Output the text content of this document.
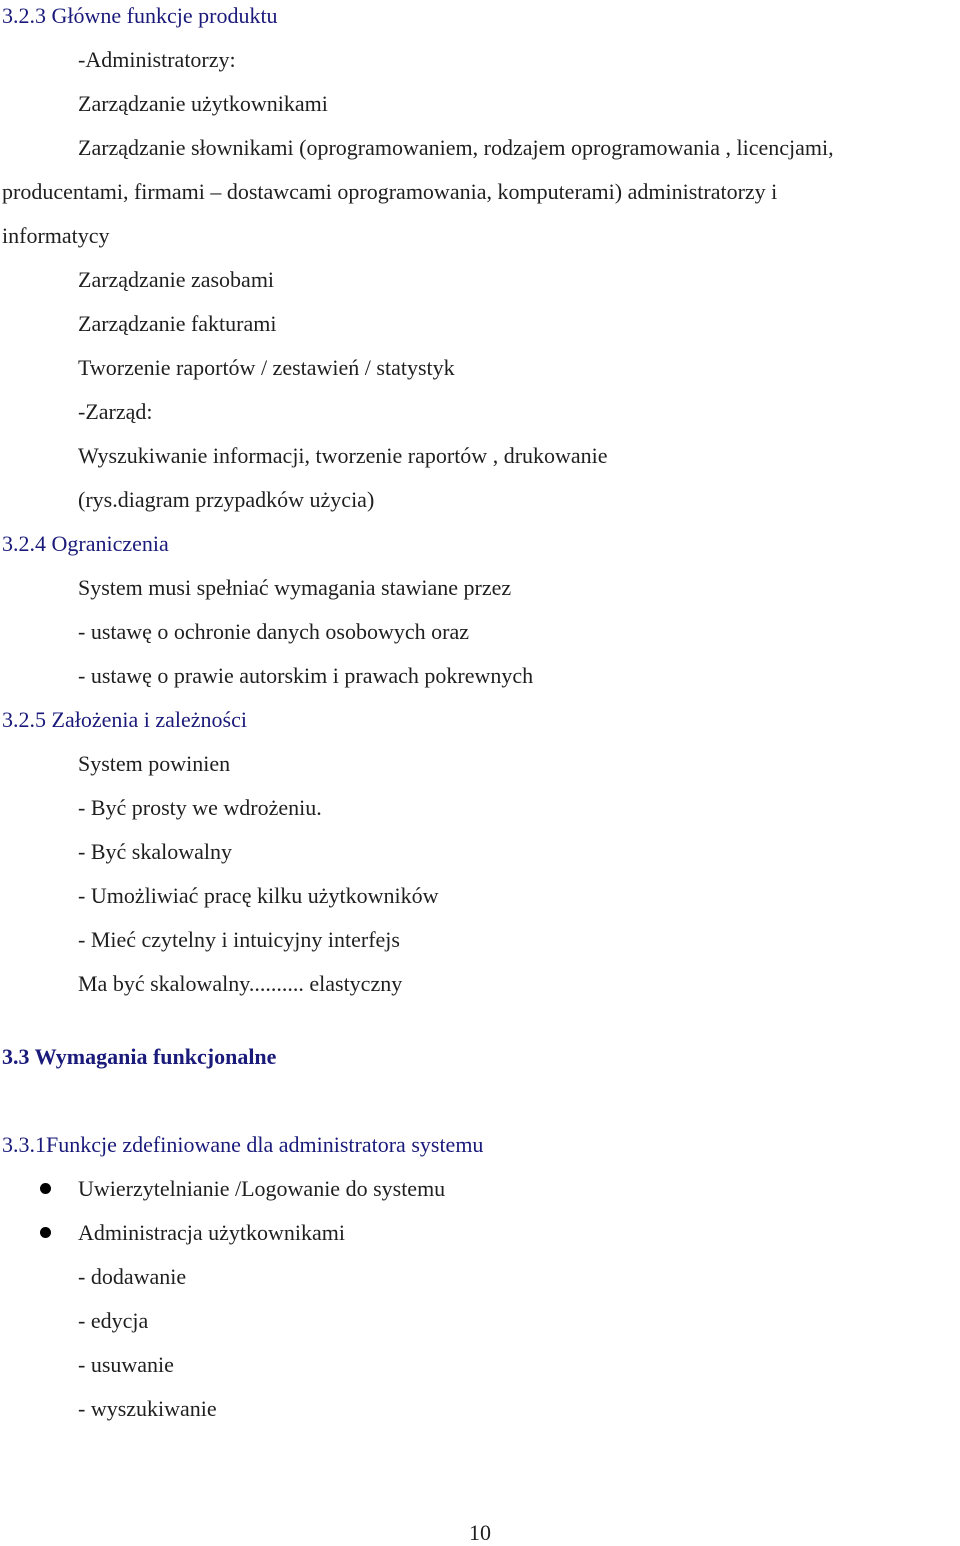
3.2.3 Główne funkcje produktu
-Administratorzy:
Zarządzanie użytkownikami
Zarządzanie słownikami (oprogramowaniem, rodzajem oprogramowania , licencjami,
producentami, firmami – dostawcami oprogramowania, komputerami) administratorzy i
informatycy
Zarządzanie zasobami
Zarządzanie fakturami
Tworzenie raportów / zestawień / statystyk
-Zarząd:
Wyszukiwanie informacji, tworzenie raportów , drukowanie
(rys.diagram przypadków użycia)
3.2.4 Ograniczenia
System musi spełniać wymagania stawiane przez
- ustawę o ochronie danych osobowych oraz
- ustawę o prawie autorskim i prawach pokrewnych
3.2.5 Założenia i zależności
System powinien
- Być prosty we wdrożeniu.
- Być skalowalny
- Umożliwiać pracę kilku użytkowników
- Mieć czytelny i intuicyjny interfejs
Ma być skalowalny.......... elastyczny
3.3 Wymagania funkcjonalne
3.3.1Funkcje zdefiniowane dla administratora systemu
Uwierzytelnianie /Logowanie do systemu
Administracja użytkownikami
- dodawanie
- edycja
- usuwanie
- wyszukiwanie
10
